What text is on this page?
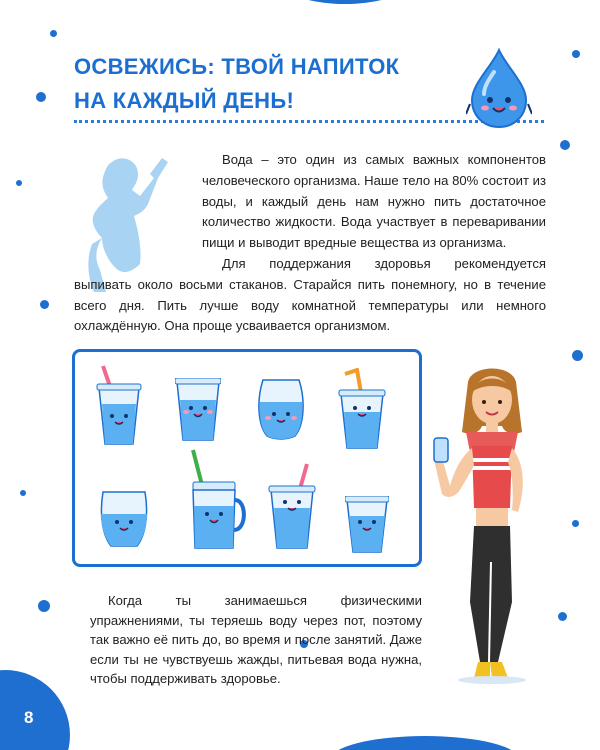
ОСВЕЖИСЬ: ТВОЙ НАПИТОК
НА КАЖДЫЙ ДЕНЬ!

Вода – это один из самых важных компонентов человеческого организма. Наше тело на 80% состоит из воды, и каждый день нам нужно пить достаточное количество жидкости. Вода участвует в переваривании пищи и выводит вредные вещества из организма.

Для поддержания здоровья рекомендуется выпивать около восьми стаканов. Старайся пить понемногу, но в течение всего дня. Пить лучше воду комнатной температуры или немного охлаждённую. Она проще усваивается организмом.

Когда ты занимаешься физическими упражнениями, ты теряешь воду через пот, поэтому так важно её пить до, во время и после занятий. Даже если ты не чувствуешь жажды, питьевая вода нужна, чтобы поддерживать здоровье.

8
